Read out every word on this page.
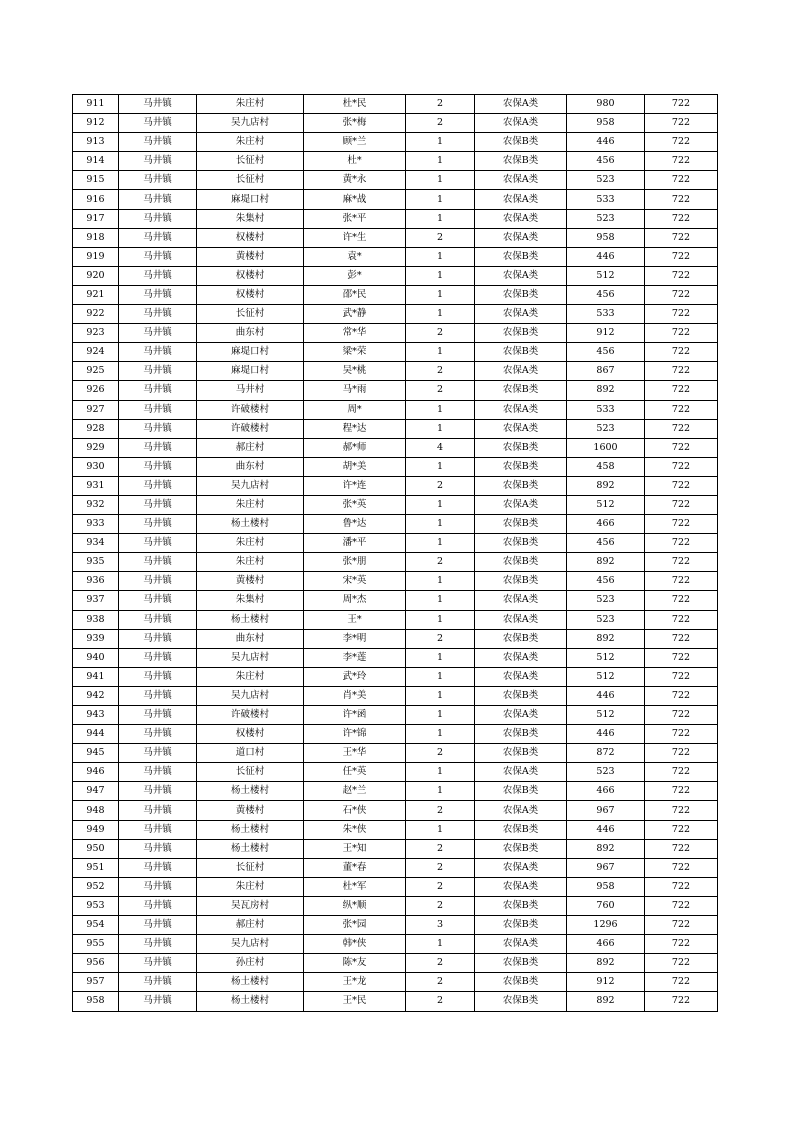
911	马井镇	朱庄村	杜*民	2	农保A类	980	722
912	马井镇	吴九店村	张*梅	2	农保A类	958	722
913	马井镇	朱庄村	顾*兰	1	农保B类	446	722
914	马井镇	长征村	杜*	1	农保B类	456	722
915	马井镇	长征村	黄*永	1	农保A类	523	722
916	马井镇	麻堤口村	麻*战	1	农保A类	533	722
917	马井镇	朱集村	张*平	1	农保A类	523	722
918	马井镇	权楼村	许*生	2	农保A类	958	722
919	马井镇	黄楼村	袁*	1	农保B类	446	722
920	马井镇	权楼村	彭*	1	农保A类	512	722
921	马井镇	权楼村	邵*民	1	农保B类	456	722
922	马井镇	长征村	武*静	1	农保A类	533	722
923	马井镇	曲东村	常*华	2	农保B类	912	722
924	马井镇	麻堤口村	梁*荣	1	农保B类	456	722
925	马井镇	麻堤口村	吴*桃	2	农保A类	867	722
926	马井镇	马井村	马*雨	2	农保B类	892	722
927	马井镇	许破楼村	周*	1	农保A类	533	722
928	马井镇	许破楼村	程*达	1	农保A类	523	722
929	马井镇	郝庄村	郝*师	4	农保B类	1600	722
930	马井镇	曲东村	胡*美	1	农保B类	458	722
931	马井镇	吴九店村	许*连	2	农保B类	892	722
932	马井镇	朱庄村	张*英	1	农保A类	512	722
933	马井镇	杨土楼村	鲁*达	1	农保B类	466	722
934	马井镇	朱庄村	潘*平	1	农保B类	456	722
935	马井镇	朱庄村	张*朋	2	农保B类	892	722
936	马井镇	黄楼村	宋*英	1	农保B类	456	722
937	马井镇	朱集村	周*杰	1	农保A类	523	722
938	马井镇	杨土楼村	王*	1	农保A类	523	722
939	马井镇	曲东村	李*明	2	农保B类	892	722
940	马井镇	吴九店村	李*莲	1	农保A类	512	722
941	马井镇	朱庄村	武*玲	1	农保A类	512	722
942	马井镇	吴九店村	肖*美	1	农保B类	446	722
943	马井镇	许破楼村	许*函	1	农保A类	512	722
944	马井镇	权楼村	许*锦	1	农保B类	446	722
945	马井镇	道口村	王*华	2	农保B类	872	722
946	马井镇	长征村	任*英	1	农保A类	523	722
947	马井镇	杨土楼村	赵*兰	1	农保B类	466	722
948	马井镇	黄楼村	石*侠	2	农保A类	967	722
949	马井镇	杨土楼村	朱*侠	1	农保B类	446	722
950	马井镇	杨土楼村	王*知	2	农保B类	892	722
951	马井镇	长征村	董*春	2	农保A类	967	722
952	马井镇	朱庄村	杜*军	2	农保A类	958	722
953	马井镇	吴瓦房村	纵*顺	2	农保B类	760	722
954	马井镇	郝庄村	张*园	3	农保B类	1296	722
955	马井镇	吴九店村	韩*侠	1	农保A类	466	722
956	马井镇	孙庄村	陈*友	2	农保B类	892	722
957	马井镇	杨土楼村	王*龙	2	农保B类	912	722
958	马井镇	杨土楼村	王*民	2	农保B类	892	722
